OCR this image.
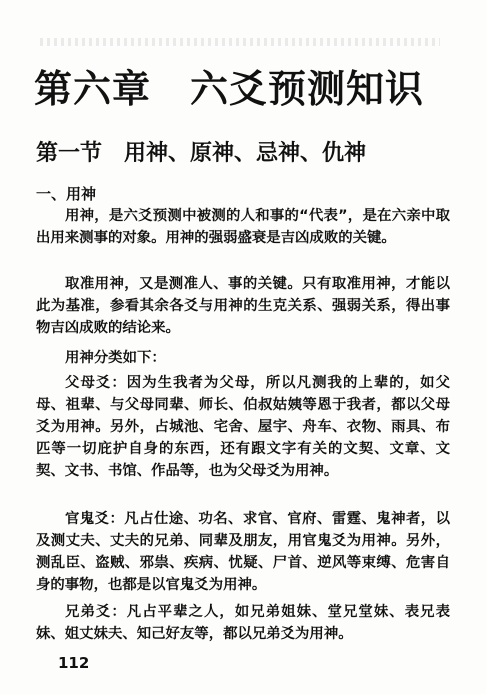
第六章　六爻预测知识
第一节　用神、原神、忌神、仇神
一、用神

用神，是六爻预测中被测的人和事的“代表”，是在六亲中取出用来测事的对象。用神的强弱盛衰是吉凶成败的关键。

取准用神，又是测准人、事的关键。只有取准用神，才能以此为基准，参看其余各爻与用神的生克关系、强弱关系，得出事物吉凶成败的结论来。

用神分类如下：

父母爻：因为生我者为父母，所以凡测我的上辈的，如父母、祖辈、与父母同辈、师长、伯叔姑姨等恩于我者，都以父母爻为用神。另外，占城池、宅舍、屋宇、舟车、衣物、雨具、布匹等一切庇护自身的东西，还有跟文字有关的文契、文章、文契、文书、书馆、作品等，也为父母爻为用神。

官鬼爻：凡占仕途、功名、求官、官府、雷霆、鬼神者，以及测丈夫、丈夫的兄弟、同辈及朋友，用官鬼爻为用神。另外，测乱臣、盗贼、邪祟、疾病、忧疑、尸首、逆风等束缚、危害自身的事物，也都是以官鬼爻为用神。

兄弟爻：凡占平辈之人，如兄弟姐妹、堂兄堂妹、表兄表妹、姐丈妹夫、知己好友等，都以兄弟爻为用神。

112
